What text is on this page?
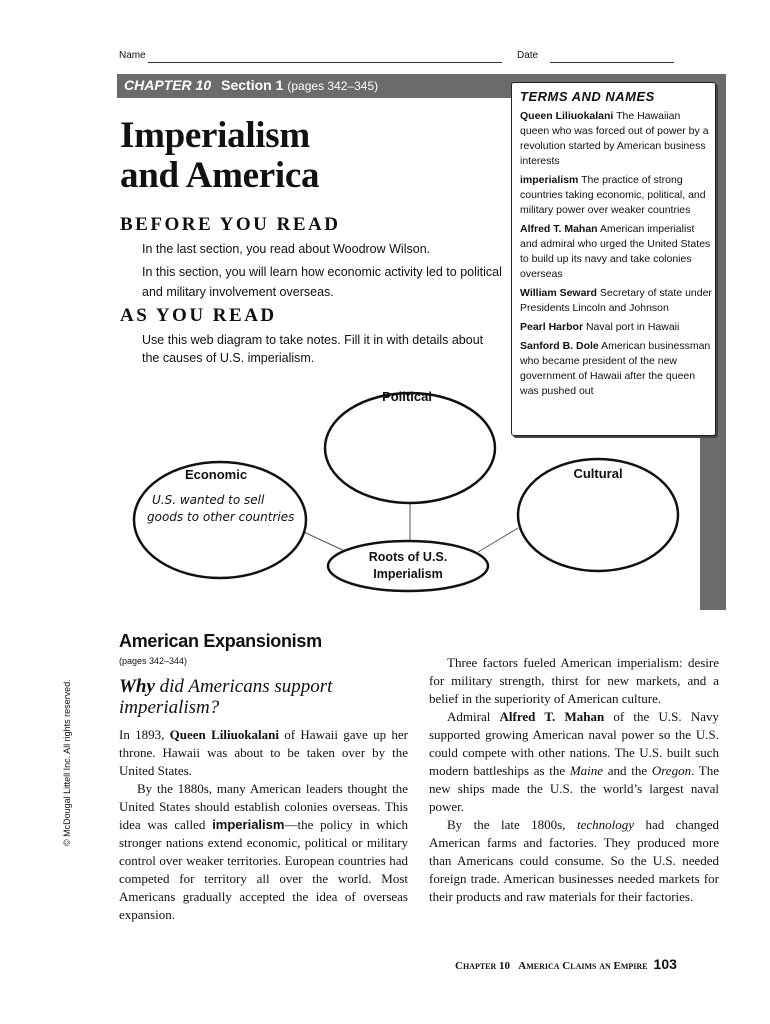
Name	Date
CHAPTER 10 Section 1 (pages 342–345)
Imperialism
and America
BEFORE YOU READ
In the last section, you read about Woodrow Wilson.
In this section, you will learn how economic activity led to political and military involvement overseas.
AS YOU READ
Use this web diagram to take notes. Fill it in with details about the causes of U.S. imperialism.
TERMS AND NAMES
Queen Liliuokalani The Hawaiian queen who was forced out of power by a revolution started by American business interests
imperialism The practice of strong countries taking economic, political, and military power over weaker countries
Alfred T. Mahan American imperialist and admiral who urged the United States to build up its navy and take colonies overseas
William Seward Secretary of state under Presidents Lincoln and Johnson
Pearl Harbor Naval port in Hawaii
Sanford B. Dole American businessman who became president of the new government of Hawaii after the queen was pushed out
Political
Economic
U.S. wanted to sell
goods to other countries
Cultural
Roots of U.S.
Imperialism
American Expansionism
(pages 342–344)
Why did Americans support imperialism?

In 1893, Queen Liliuokalani of Hawaii gave up her throne. Hawaii was about to be taken over by the United States.

By the 1880s, many American leaders thought the United States should establish colonies overseas. This idea was called imperialism—the policy in which stronger nations extend economic, political or military control over weaker territories. European countries had competed for territory all over the world. Most Americans gradually accepted the idea of overseas expansion.

Three factors fueled American imperialism: desire for military strength, thirst for new markets, and a belief in the superiority of American culture.

Admiral Alfred T. Mahan of the U.S. Navy supported growing American naval power so the U.S. could compete with other nations. The U.S. built such modern battleships as the Maine and the Oregon. The new ships made the U.S. the world’s largest naval power.

By the late 1800s, technology had changed American farms and factories. They produced more than Americans could consume. So the U.S. needed foreign trade. American businesses needed markets for their products and raw materials for their factories.

© McDougal Littell Inc. All rights reserved.
Chapter 10 America Claims an Empire 103
